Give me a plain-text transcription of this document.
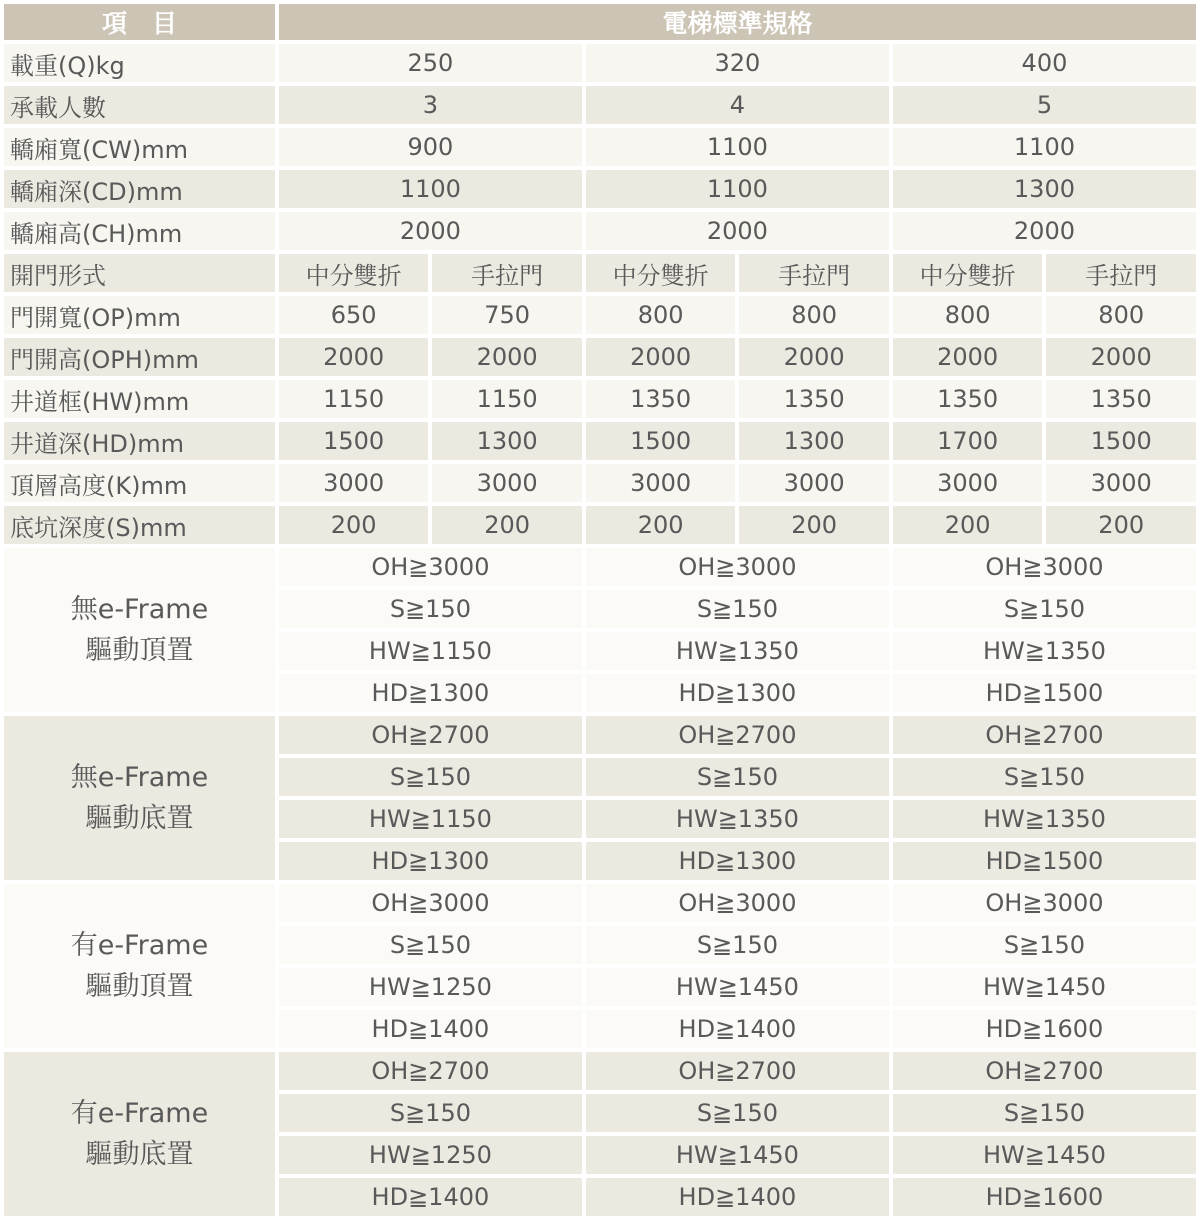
項　目	電梯標準規格					
載重(Q)kg	250		320		400	
承載人數	3		4		5	
轎廂寬(CW)mm	900		1100		1100	
轎廂深(CD)mm	1100		1100		1300	
轎廂高(CH)mm	2000		2000		2000	
開門形式	中分雙折	手拉門	中分雙折	手拉門	中分雙折	手拉門
門開寬(OP)mm	650	750	800	800	800	800
門開高(OPH)mm	2000	2000	2000	2000	2000	2000
井道框(HW)mm	1150	1150	1350	1350	1350	1350
井道深(HD)mm	1500	1300	1500	1300	1700	1500
頂層高度(K)mm	3000	3000	3000	3000	3000	3000
底坑深度(S)mm	200	200	200	200	200	200

無e-Frame
驅動頂置	OH≧3000		OH≧3000		OH≧3000	
	S≧150		S≧150		S≧150	
	HW≧1150		HW≧1350		HW≧1350	
	HD≧1300		HD≧1300		HD≧1500	

無e-Frame
驅動底置	OH≧2700		OH≧2700		OH≧2700	
	S≧150		S≧150		S≧150	
	HW≧1150		HW≧1350		HW≧1350	
	HD≧1300		HD≧1300		HD≧1500	

有e-Frame
驅動頂置	OH≧3000		OH≧3000		OH≧3000	
	S≧150		S≧150		S≧150	
	HW≧1250		HW≧1450		HW≧1450	
	HD≧1400		HD≧1400		HD≧1600	

有e-Frame
驅動底置	OH≧2700		OH≧2700		OH≧2700	
	S≧150		S≧150		S≧150	
	HW≧1250		HW≧1450		HW≧1450	
	HD≧1400		HD≧1400		HD≧1600	
